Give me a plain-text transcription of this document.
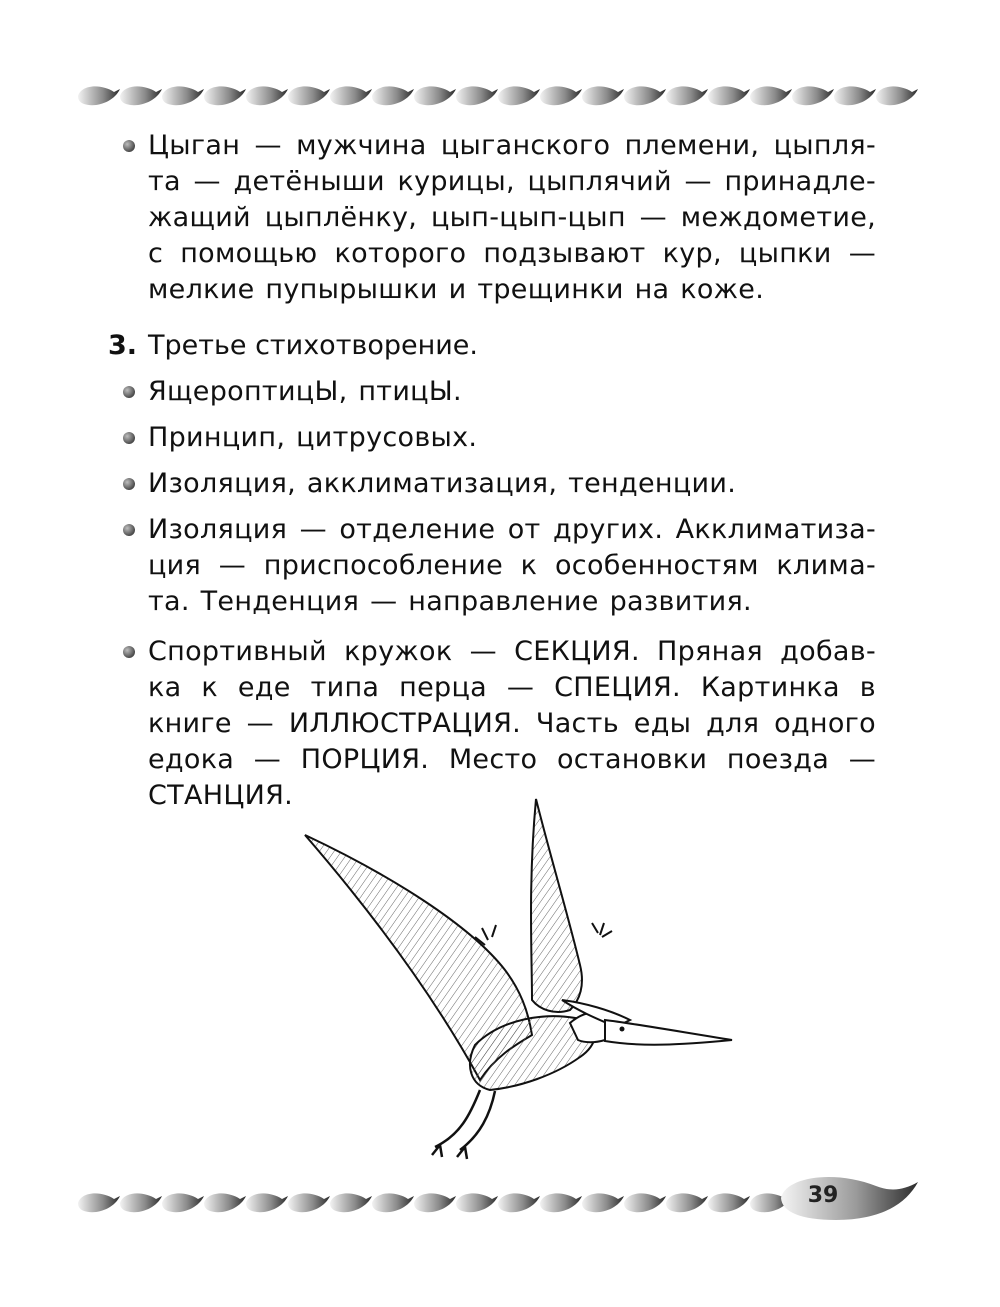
Цыган — мужчина цыганского племени, цыпля-
та — детёныши курицы, цыплячий — принадле-
жащий цыплёнку, цып-цып-цып — междометие,
с помощью которого подзывают кур, цыпки —
мелкие пупырышки и трещинки на коже.
3. Третье стихотворение.
ЯщероптицЫ, птицЫ.
Принцип, цитрусовых.
Изоляция, акклиматизация, тенденции.
Изоляция — отделение от других. Акклиматиза-
ция — приспособление к особенностям клима-
та. Тенденция — направление развития.
Спортивный кружок — СЕКЦИЯ. Пряная добав-
ка к еде типа перца — СПЕЦИЯ. Картинка в
книге — ИЛЛЮСТРАЦИЯ. Часть еды для одного
едока — ПОРЦИЯ. Место остановки поезда —
СТАНЦИЯ.
39
